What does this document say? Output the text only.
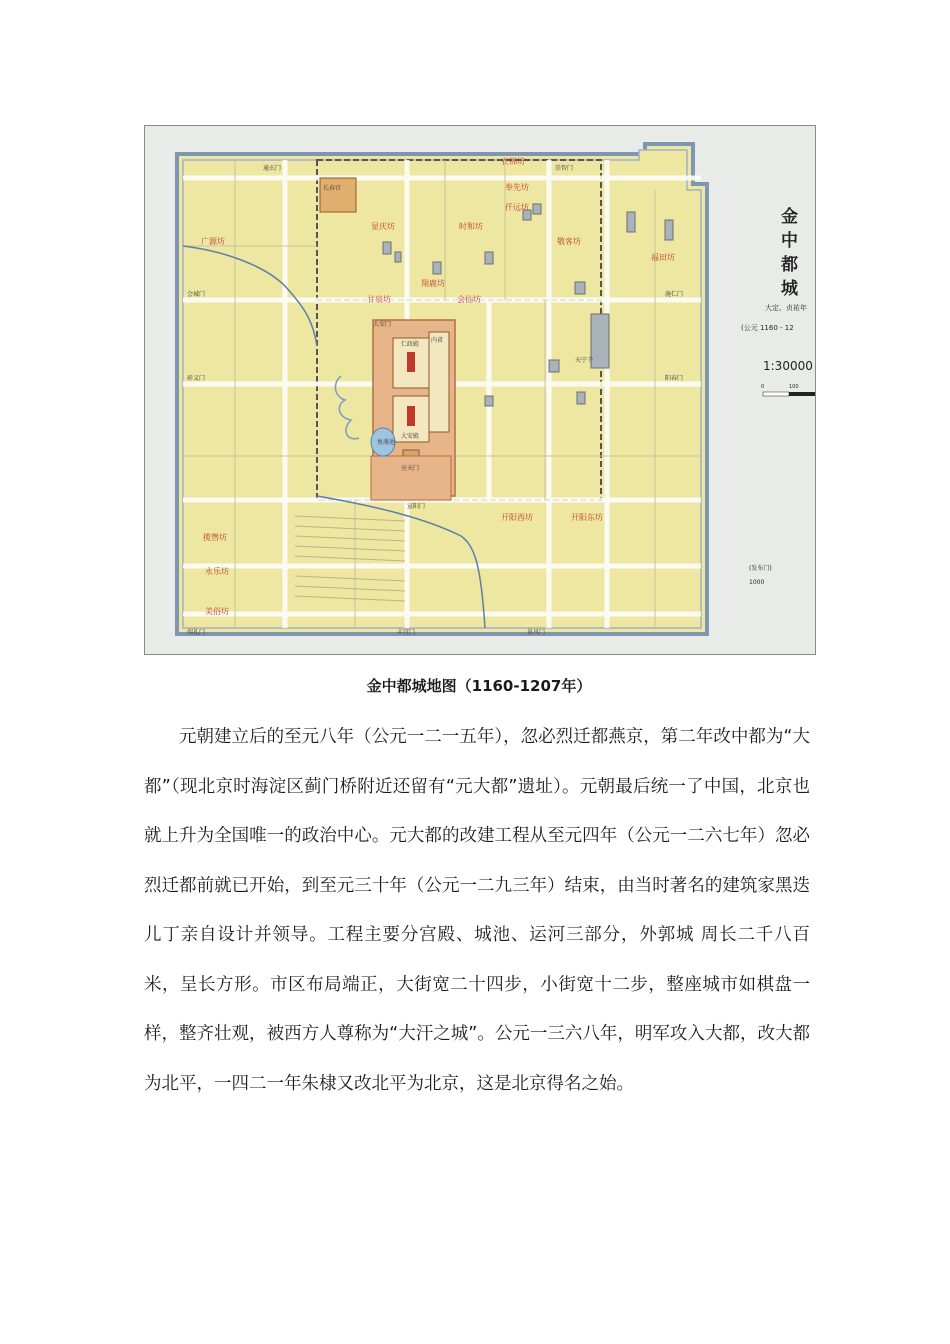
广源坊
显庆坊	时和坊
翔鹿坊
甘泉坊	会仙坊
衣锦坊
奉先坊
仟远坊
敬客坊
福田坊
揽辔坊
永乐坊
美俗坊
开阳西坊	开阳东坊
长春宫
大安门
仁政殿
内省
大安殿
鱼藻池
应天门
宣阳门
丰宜门	景风门
端礼门
通玄门	崇智门
会城门
彰义门
施仁门
阳春门
天宁寺
金
中
都
城
大定、贞祐年
(公元 1160 - 12
1:30000
0	100
(发布门)
1000
金中都城地图（1160-1207年）

元朝建立后的至元八年（公元一二一五年），忽必烈迁都燕京，第二年改中都为“大都”（现北京时海淀区蓟门桥附近还留有“元大都”遗址）。元朝最后统一了中国，北京也就上升为全国唯一的政治中心。元大都的改建工程从至元四年（公元一二六七年）忽必烈迁都前就已开始，到至元三十年（公元一二九三年）结束，由当时著名的建筑家黑迭儿丁亲自设计并领导。工程主要分宫殿、城池、运河三部分，外郭城 周长二千八百米，呈长方形。市区布局端正，大街宽二十四步，小街宽十二步，整座城市如棋盘一样，整齐壮观，被西方人尊称为“大汗之城”。公元一三六八年，明军攻入大都，改大都为北平，一四二一年朱棣又改北平为北京，这是北京得名之始。
